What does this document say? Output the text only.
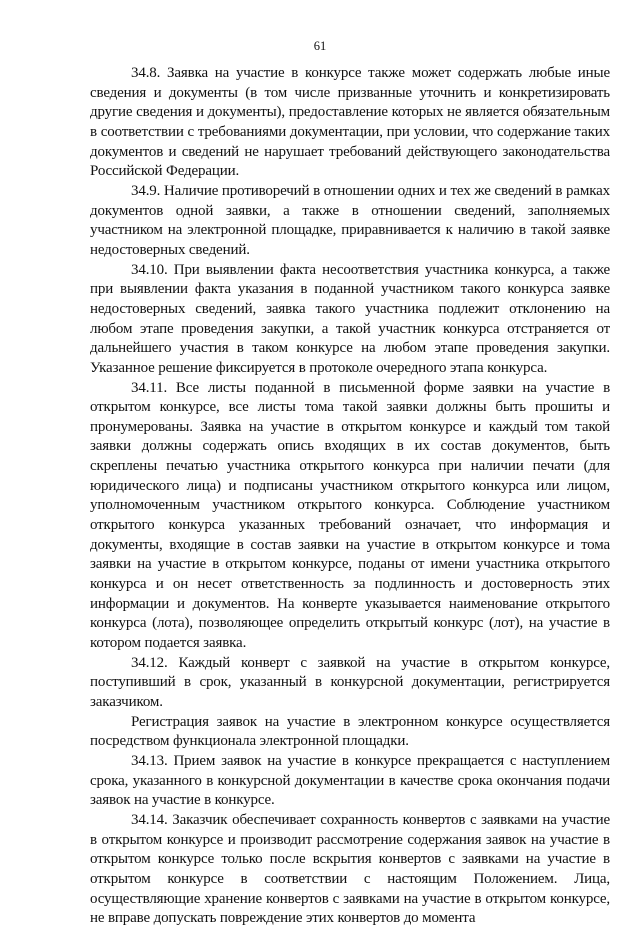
61

34.8. Заявка на участие в конкурсе также может содержать любые иные сведения и документы (в том числе призванные уточнить и конкретизировать другие сведения и документы), предоставление которых не является обязательным в соответствии с требованиями документации, при условии, что содержание таких документов и сведений не нарушает требований действующего законодательства Российской Федерации.

34.9. Наличие противоречий в отношении одних и тех же сведений в рамках документов одной заявки, а также в отношении сведений, заполняемых участником на электронной площадке, приравнивается к наличию в такой заявке недостоверных сведений.

34.10. При выявлении факта несоответствия участника конкурса, а также при выявлении факта указания в поданной участником такого конкурса заявке недостоверных сведений, заявка такого участника подлежит отклонению на любом этапе проведения закупки, а такой участник конкурса отстраняется от дальнейшего участия в таком конкурсе на любом этапе проведения закупки. Указанное решение фиксируется в протоколе очередного этапа конкурса.

34.11. Все листы поданной в письменной форме заявки на участие в открытом конкурсе, все листы тома такой заявки должны быть прошиты и пронумерованы. Заявка на участие в открытом конкурсе и каждый том такой заявки должны содержать опись входящих в их состав документов, быть скреплены печатью участника открытого конкурса при наличии печати (для юридического лица) и подписаны участником открытого конкурса или лицом, уполномоченным участником открытого конкурса. Соблюдение участником открытого конкурса указанных требований означает, что информация и документы, входящие в состав заявки на участие в открытом конкурсе и тома заявки на участие в открытом конкурсе, поданы от имени участника открытого конкурса и он несет ответственность за подлинность и достоверность этих информации и документов. На конверте указывается наименование открытого конкурса (лота), позволяющее определить открытый конкурс (лот), на участие в котором подается заявка.

34.12. Каждый конверт с заявкой на участие в открытом конкурсе, поступивший в срок, указанный в конкурсной документации, регистрируется заказчиком.

Регистрация заявок на участие в электронном конкурсе осуществляется посредством функционала электронной площадки.

34.13. Прием заявок на участие в конкурсе прекращается с наступлением срока, указанного в конкурсной документации в качестве срока окончания подачи заявок на участие в конкурсе.

34.14. Заказчик обеспечивает сохранность конвертов с заявками на участие в открытом конкурсе и производит рассмотрение содержания заявок на участие в открытом конкурсе только после вскрытия конвертов с заявками на участие в открытом конкурсе в соответствии с настоящим Положением. Лица, осуществляющие хранение конвертов с заявками на участие в открытом конкурсе, не вправе допускать повреждение этих конвертов до момента
